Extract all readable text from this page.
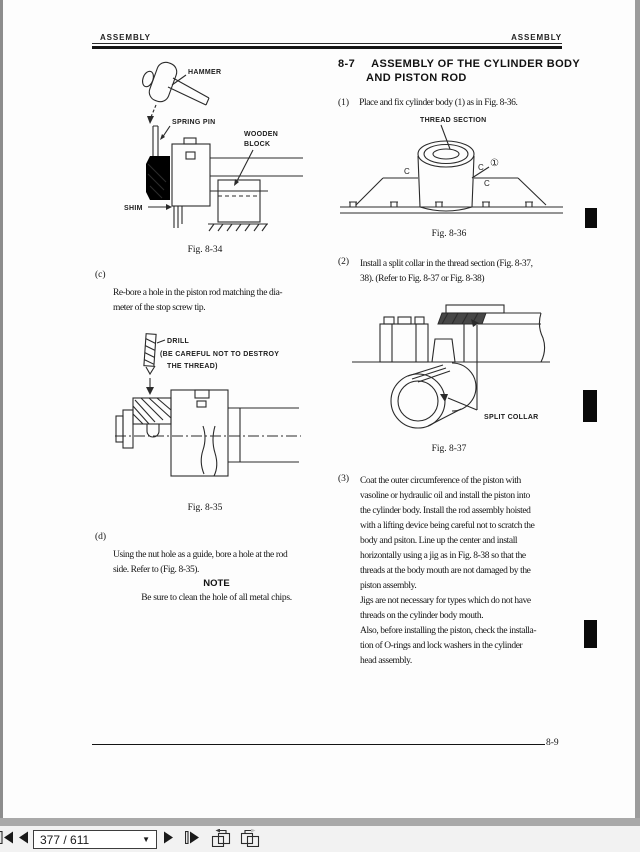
ASSEMBLY	ASSEMBLY
HAMMER
SPRING PIN
WOODEN
BLOCK
SHIM
Fig. 8-34
(c)
Re-bore a hole in the piston rod matching the dia-
meter of the stop screw tip.
DRILL
(BE CAREFUL NOT TO DESTROY
THE THREAD)
Fig. 8-35
(d)
Using the nut hole as a guide, bore a hole at the rod
side. Refer to (Fig. 8-35).
NOTE
Be sure to clean the hole of all metal chips.
8-7 ASSEMBLY OF THE CYLINDER BODY
AND PISTON ROD
(1) Place and fix cylinder body (1) as in Fig. 8-36.
THREAD SECTION
C	C
C
①
Fig. 8-36
(2) Install a split collar in the thread section (Fig. 8-37,
38). (Refer to Fig. 8-37 or Fig. 8-38)
SPLIT COLLAR
Fig. 8-37
(3) Coat the outer circumference of the piston with
vasoline or hydraulic oil and install the piston into
the cylinder body. Install the rod assembly hoisted
with a lifting device being careful not to scratch the
body and psiton. Line up the center and install
horizontally using a jig as in Fig. 8-38 so that the
threads at the body mouth are not damaged by the
piston assembly.
Jigs are not necessary for types which do not have
threads on the cylinder body mouth.
Also, before installing the piston, check the installa-
tion of O-rings and lock washers in the cylinder
head assembly.
8-9
377 / 611	▼
